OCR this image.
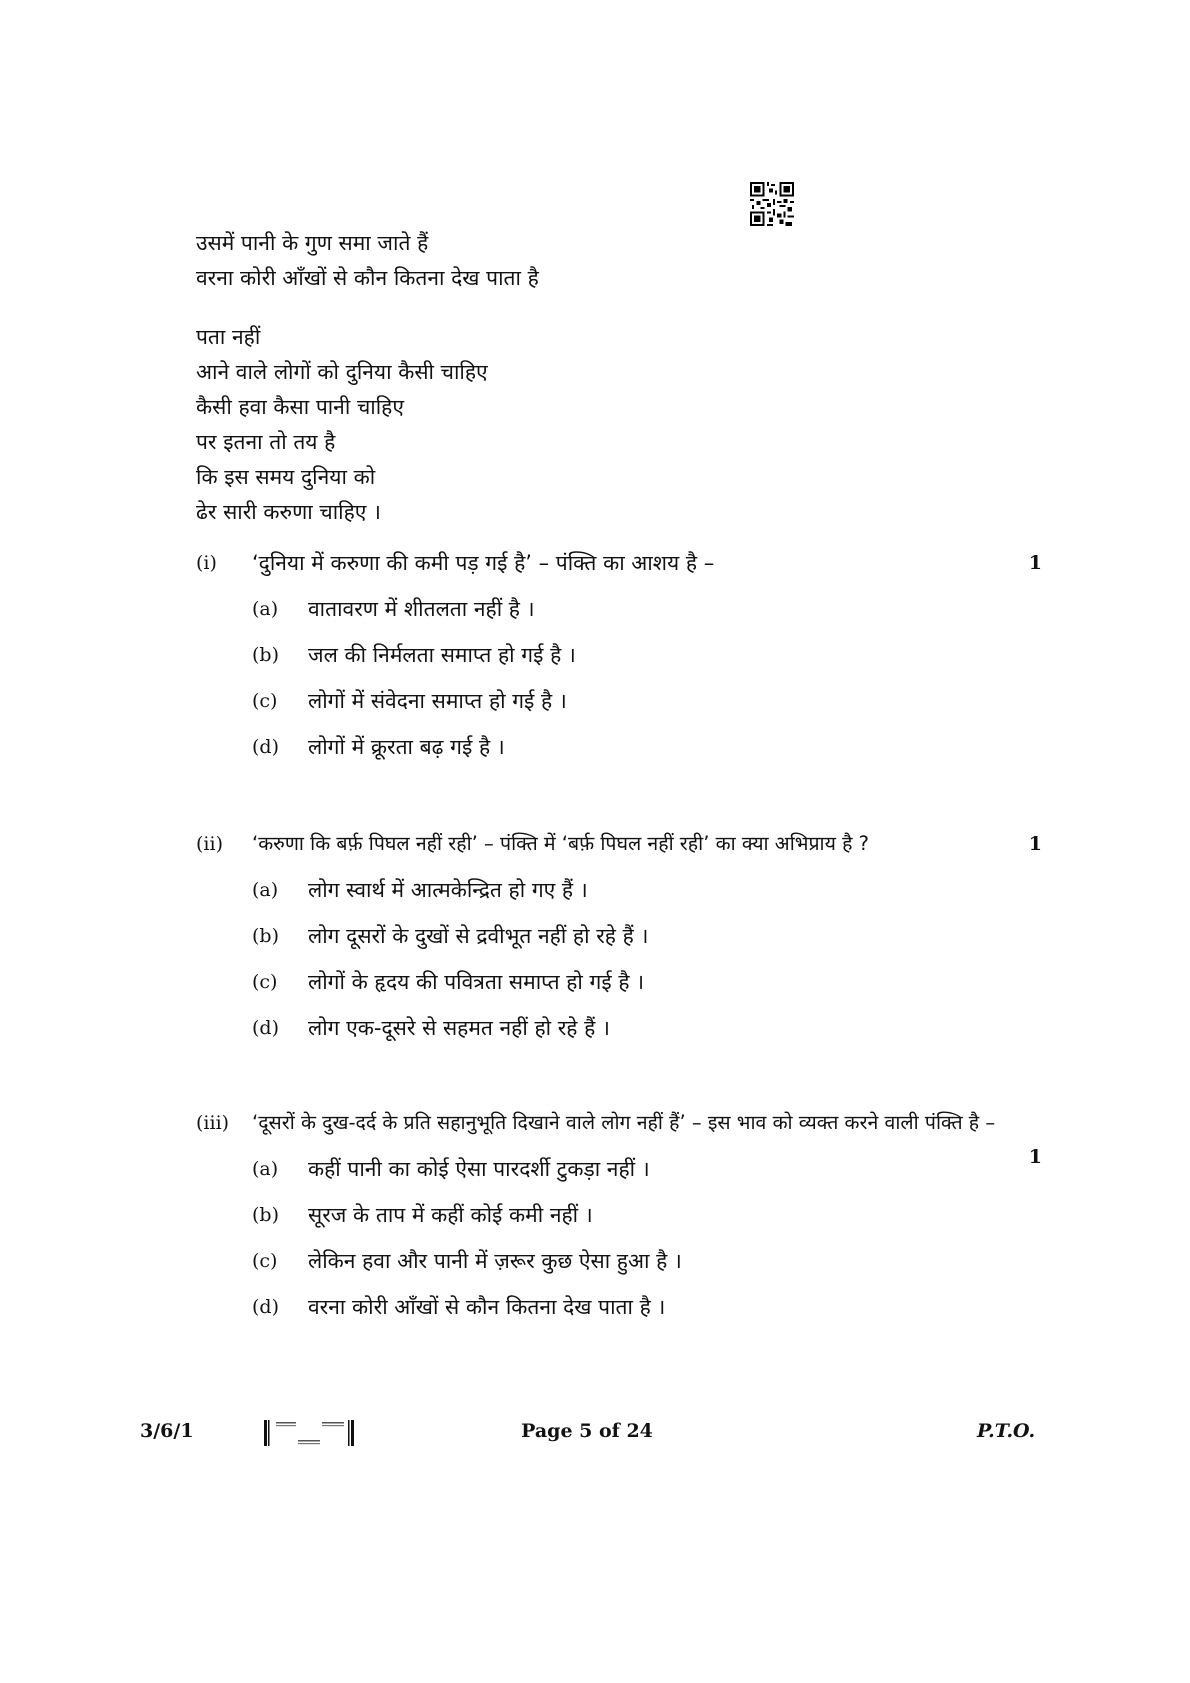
उसमें पानी के गुण समा जाते हैं
वरना कोरी आँखों से कौन कितना देख पाता है
पता नहीं
आने वाले लोगों को दुनिया कैसी चाहिए
कैसी हवा कैसा पानी चाहिए
पर इतना तो तय है
कि इस समय दुनिया को
ढेर सारी करुणा चाहिए ।
(i)	‘दुनिया में करुणा की कमी पड़ गई है’ – पंक्ति का आशय है –	1
(a)	वातावरण में शीतलता नहीं है ।
(b)	जल की निर्मलता समाप्त हो गई है ।
(c)	लोगों में संवेदना समाप्त हो गई है ।
(d)	लोगों में क्रूरता बढ़ गई है ।
(ii)	‘करुणा कि बर्फ़ पिघल नहीं रही’ – पंक्ति में ‘बर्फ़ पिघल नहीं रही’ का क्या अभिप्राय है ?	1
(a)	लोग स्वार्थ में आत्मकेन्द्रित हो गए हैं ।
(b)	लोग दूसरों के दुखों से द्रवीभूत नहीं हो रहे हैं ।
(c)	लोगों के हृदय की पवित्रता समाप्त हो गई है ।
(d)	लोग एक-दूसरे से सहमत नहीं हो रहे हैं ।
(iii)	‘दूसरों के दुख-दर्द के प्रति सहानुभूति दिखाने वाले लोग नहीं हैं’ – इस भाव को व्यक्त करने वाली पंक्ति है –
1
(a)	कहीं पानी का कोई ऐसा पारदर्शी टुकड़ा नहीं ।
(b)	सूरज के ताप में कहीं कोई कमी नहीं ।
(c)	लेकिन हवा और पानी में ज़रूर कुछ ऐसा हुआ है ।
(d)	वरना कोरी आँखों से कौन कितना देख पाता है ।
3/6/1	Page 5 of 24	P.T.O.
